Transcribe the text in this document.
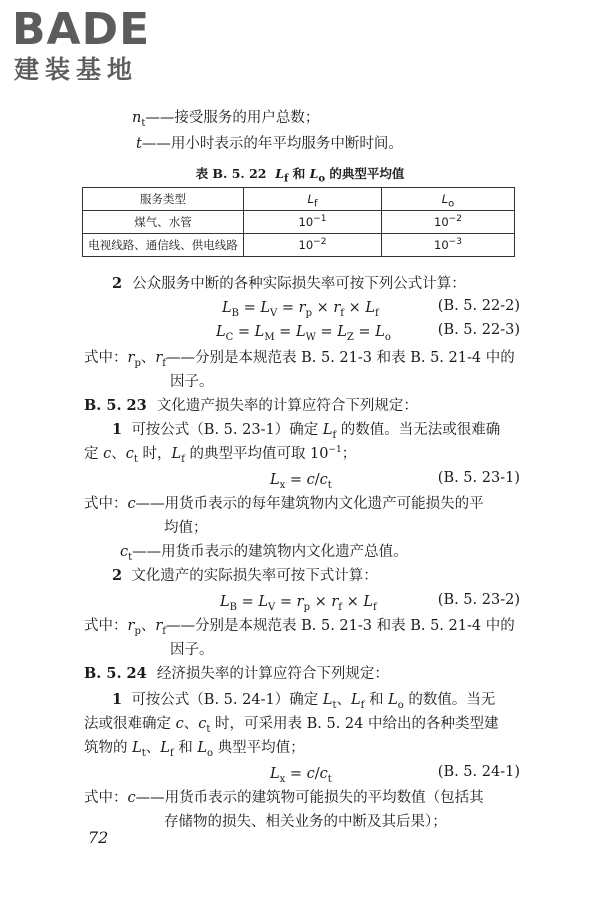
BADE
建装基地
$n_t——$接受服务的用户总数；
t——用小时表示的年平均服务中断时间。
表 B. 5. 22 $L_f$ 和 $L_o$ 的典型平均值
服务类型	$L_f$	$L_o$
煤气、水管	$10^{-1}$	$10^{-2}$
电视线路、通信线、供电线路	$10^{-2}$	$10^{-3}$
2 公众服务中断的各种实际损失率可按下列公式计算：
$L_B = L_V = r_p \times r_f \times L_f$	(B. 5. 22-2)
$L_C = L_M = L_W = L_Z = L_o$	(B. 5. 22-3)
式中：$r_p$、$r_f——$分别是本规范表 B. 5. 21-3 和表 B. 5. 21-4 中的
因子。
B. 5. 23 文化遗产损失率的计算应符合下列规定：
1 可按公式（B. 5. 23-1）确定 $L_f$ 的数值。当无法或很难确
定 c、$c_t$ 时，$L_f$ 的典型平均值可取 $10^{-1}$；
$L_x = c/c_t$	(B. 5. 23-1)
式中：c——用货币表示的每年建筑物内文化遗产可能损失的平
均值；
$c_t——$用货币表示的建筑物内文化遗产总值。
2 文化遗产的实际损失率可按下式计算：
$L_B = L_V = r_p \times r_f \times L_f$	(B. 5. 23-2)
式中：$r_p$、$r_f——$分别是本规范表 B. 5. 21-3 和表 B. 5. 21-4 中的
因子。
B. 5. 24 经济损失率的计算应符合下列规定：
1 可按公式（B. 5. 24-1）确定 $L_t$、$L_f$ 和 $L_o$ 的数值。当无
法或很难确定 c、$c_t$ 时，可采用表 B. 5. 24 中给出的各种类型建
筑物的 $L_t$、$L_f$ 和 $L_o$ 典型平均值；
$L_x = c/c_t$	(B. 5. 24-1)
式中：c——用货币表示的建筑物可能损失的平均数值（包括其
存储物的损失、相关业务的中断及其后果）；
72
